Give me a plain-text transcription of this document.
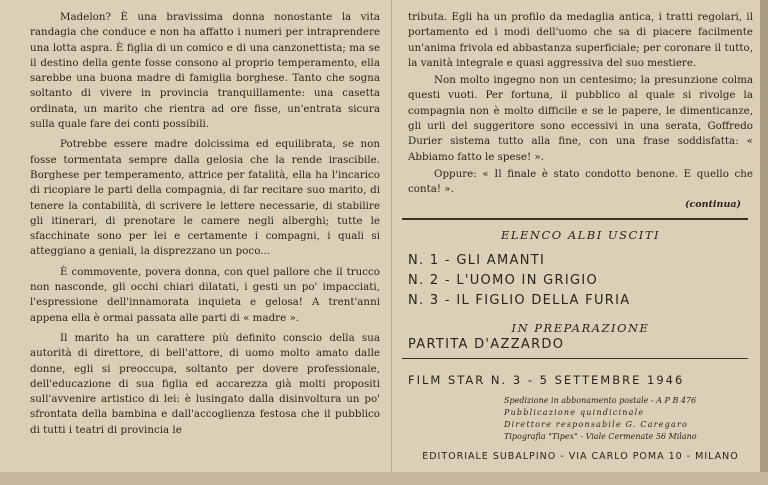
Madelon? È una bravissima donna nonostante la vita randagia che conduce e non ha affatto i numeri per intraprendere una lotta aspra. È figlia di un comico e di una canzonettista; ma se il destino della gente fosse consono al proprio temperamento, ella sarebbe una buona madre di famiglia borghese. Tanto che sogna soltanto di vivere in provincia tranquillamente: una casetta ordinata, un marito che rientra ad ore fisse, un'entrata sicura sulla quale fare dei conti possibili.

Potrebbe essere madre dolcissima ed equilibrata, se non fosse tormentata sempre dalla gelosia che la rende irascibile. Borghese per temperamento, attrice per fatalità, ella ha l'incarico di ricopiare le parti della compagnia, di far recitare suo marito, di tenere la contabilità, di scrivere le lettere necessarie, di stabilire gli itinerari, di prenotare le camere negli alberghi; tutte le sfacchinate sono per lei e certamente i compagni, i quali si atteggiano a geniali, la disprezzano un poco...

È commovente, povera donna, con quel pallore che il trucco non nasconde, gli occhi chiari dilatati, i gesti un po' impacciati, l'espressione dell'innamorata inquieta e gelosa! A trent'anni appena ella è ormai passata alle parti di « madre ».

Il marito ha un carattere più definito conscio della sua autorità di direttore, di bell'attore, di uomo molto amato dalle donne, egli si preoccupa, soltanto per dovere professionale, dell'educazione di sua figlia ed accarezza già molti propositi sull'avvenire artistico di lei: è lusingato dalla disinvoltura un po' sfrontata della bambina e dall'accoglienza festosa che il pubblico di tutti i teatri di provincia le

tributa. Egli ha un profilo da medaglia antica, i tratti regolari, il portamento ed i modi dell'uomo che sa di piacere facilmente un'anima frivola ed abbastanza superficiale; per coronare il tutto, la vanità integrale e quasi aggressiva del suo mestiere.

Non molto ingegno non un centesimo; la presunzione colma questi vuoti. Per fortuna, il pubblico al quale si rivolge la compagnia non è molto difficile e se le papere, le dimenticanze, gli urli del suggeritore sono eccessivi in una serata, Goffredo Durier sistema tutto alla fine, con una frase soddisfatta: « Abbiamo fatto le spese! ».

Oppure: « Il finale è stato condotto benone. E quello che conta! ».

(continua)
ELENCO ALBI USCITI
N. 1 - GLI AMANTI
N. 2 - L'UOMO IN GRIGIO
N. 3 - IL FIGLIO DELLA FURIA
IN PREPARAZIONE
PARTITA D'AZZARDO
FILM STAR N. 3 - 5 SETTEMBRE 1946
Spedizione in abbonamento postale - A P B 476
Pubblicazione quindicinale
Direttore responsabile G. Caregaro
Tipografia "Tipex" - Viale Cermenate 56 Milano
EDITORIALE SUBALPINO - VIA CARLO POMA 10 - MILANO
